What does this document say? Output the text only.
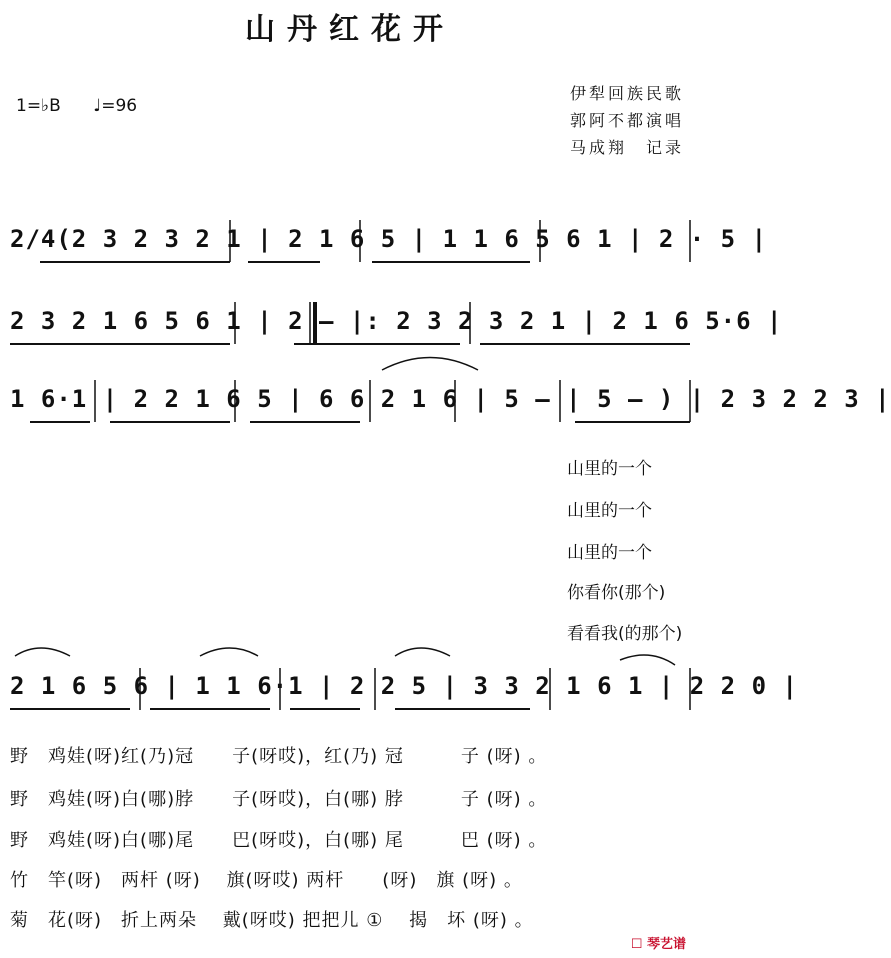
山丹红花开
1=♭B ♩=96
伊犁回族民歌
郭阿不都演唱
马成翔　记录
2/4(2 3 2 3 2 1 | 2 1 6 5 | 1 1 6 5 6 1 | 2 · 5 |
2 3 2 1 6 5 6 1 | 2 — |: 2 3 2 3 2 1 | 2 1 6 5·6 |
1 6·1 | 2 2 1 6 5 | 6 6 2 1 6 | 5 — | 5 — ) | 2 3 2 2 3 |
山里的一个
山里的一个
山里的一个
你看你(那个)
看看我(的那个)
2 1 6 5 6 | 1 1 6·1 | 2 2 5 | 3 3 2 1 6 1 | 2 2 0 |
野　鸡娃(呀)红(乃)冠　　子(呀哎)，红(乃) 冠　　　子 (呀) 。
野　鸡娃(呀)白(哪)脖　　子(呀哎)，白(哪) 脖　　　子 (呀) 。
野　鸡娃(呀)白(哪)尾　　巴(呀哎)，白(哪) 尾　　　巴 (呀) 。
竹　竿(呀)　两杆 (呀)　 旗(呀哎) 两杆　　(呀)　旗 (呀) 。
菊　花(呀)　折上两朵　 戴(呀哎) 把把儿 ①　 揭　坏 (呀) 。
☐ 琴艺谱
